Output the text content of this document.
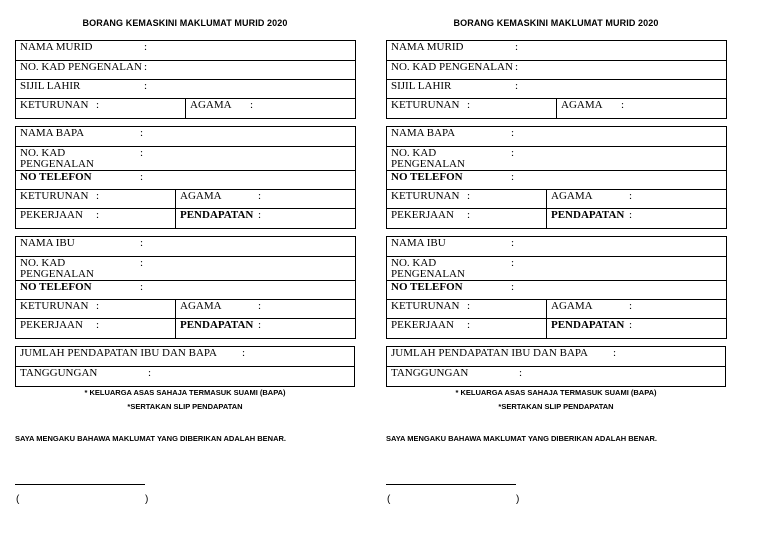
BORANG KEMASKINI MAKLUMAT MURID 2020
NAMA MURID	:
NO. KAD PENGENALAN :
SIJIL LAHIR	:
KETURUNAN :	AGAMA :
NAMA BAPA :	
NO. KAD
PENGENALAN:	
NO TELEFON :	
KETURUNAN :	AGAMA :
PEKERJAAN :	PENDAPATAN :
NAMA IBU :	
NO. KAD
PENGENALAN:	
NO TELEFON :	
KETURUNAN :	AGAMA :
PEKERJAAN :	PENDAPATAN :
JUMLAH PENDAPATAN IBU DAN BAPA :
TANGGUNGAN	:
* KELUARGA ASAS SAHAJA TERMASUK SUAMI (BAPA)
*SERTAKAN SLIP PENDAPATAN
SAYA MENGAKU BAHAWA MAKLUMAT YANG DIBERIKAN ADALAH BENAR.
(	)
BORANG KEMASKINI MAKLUMAT MURID 2020
NAMA MURID	:
NO. KAD PENGENALAN :
SIJIL LAHIR	:
KETURUNAN :	AGAMA :
NAMA BAPA :	
NO. KAD
PENGENALAN:	
NO TELEFON :	
KETURUNAN :	AGAMA :
PEKERJAAN :	PENDAPATAN :
NAMA IBU :	
NO. KAD
PENGENALAN:	
NO TELEFON :	
KETURUNAN :	AGAMA :
PEKERJAAN :	PENDAPATAN :
JUMLAH PENDAPATAN IBU DAN BAPA :
TANGGUNGAN	:
* KELUARGA ASAS SAHAJA TERMASUK SUAMI (BAPA)
*SERTAKAN SLIP PENDAPATAN
SAYA MENGAKU BAHAWA MAKLUMAT YANG DIBERIKAN ADALAH BENAR.
(	)
